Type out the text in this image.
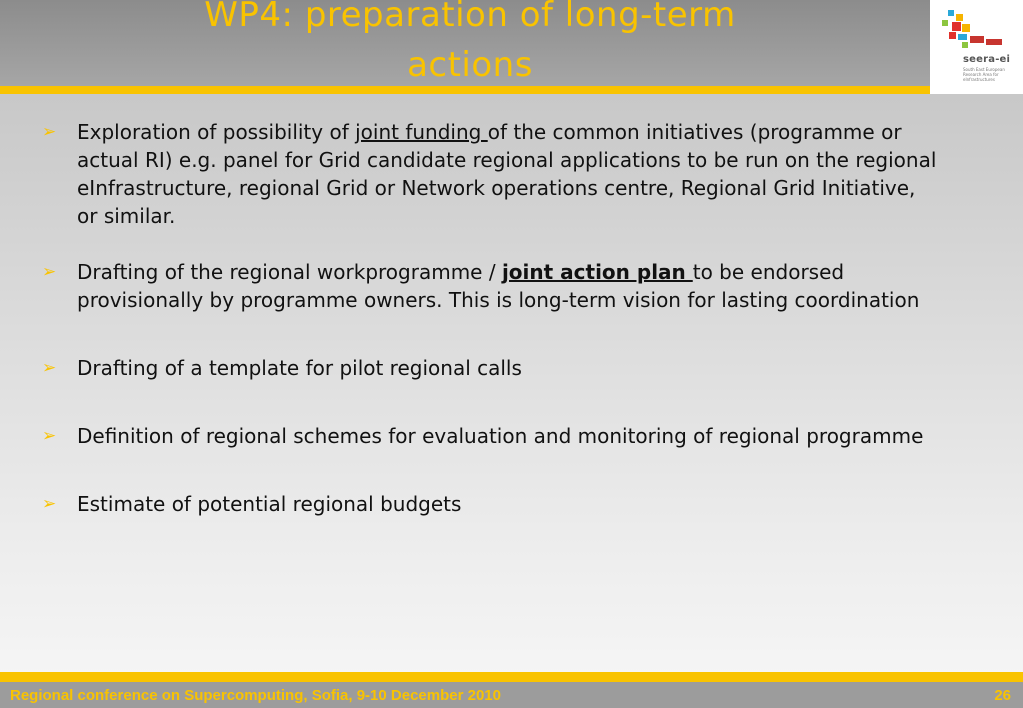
WP4: preparation of long-term
actions	seera-ei
South East European Research Area for eInfrastructures
➢ Exploration of possibility of joint funding of the common initiatives (programme or actual RI) e.g. panel for Grid candidate regional applications to be run on the regional eInfrastructure, regional Grid or Network operations centre, Regional Grid Initiative, or similar.
➢ Drafting of the regional workprogramme / joint action plan to be endorsed provisionally by programme owners. This is long-term vision for lasting coordination
➢ Drafting of a template for pilot regional calls
➢ Definition of regional schemes for evaluation and monitoring of regional programme
➢ Estimate of potential regional budgets
Regional conference on Supercomputing, Sofia, 9-10 December 2010	26
